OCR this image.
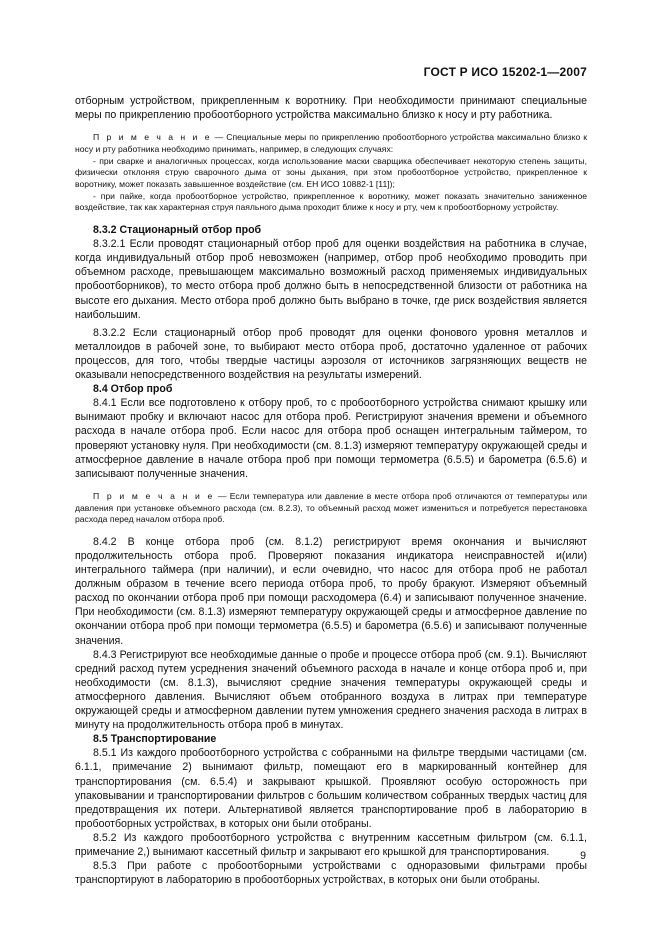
ГОСТ Р ИСО 15202-1—2007

отборным устройством, прикрепленным к воротнику. При необходимости принимают специальные меры по прикреплению пробоотборного устройства максимально близко к носу и рту работника.

П р и м е ч а н и е — Специальные меры по прикреплению пробоотборного устройства максимально близко к носу и рту работника необходимо принимать, например, в следующих случаях:

- при сварке и аналогичных процессах, когда использование маски сварщика обеспечивает некоторую степень защиты, физически отклоняя струю сварочного дыма от зоны дыхания, при этом пробоотборное устройство, прикрепленное к воротнику, может показать завышенное воздействие (см. ЕН ИСО 10882-1 [11]);

- при пайке, когда пробоотборное устройство, прикрепленное к воротнику, может показать значительно заниженное воздействие, так как характерная струя паяльного дыма проходит ближе к носу и рту, чем к пробоотборному устройству.

8.3.2 Стационарный отбор проб

8.3.2.1 Если проводят стационарный отбор проб для оценки воздействия на работника в случае, когда индивидуальный отбор проб невозможен (например, отбор проб необходимо проводить при объемном расходе, превышающем максимально возможный расход применяемых индивидуальных пробоотборников), то место отбора проб должно быть в непосредственной близости от работника на высоте его дыхания. Место отбора проб должно быть выбрано в точке, где риск воздействия является наибольшим.

8.3.2.2 Если стационарный отбор проб проводят для оценки фонового уровня металлов и металлоидов в рабочей зоне, то выбирают место отбора проб, достаточно удаленное от рабочих процессов, для того, чтобы твердые частицы аэрозоля от источников загрязняющих веществ не оказывали непосредственного воздействия на результаты измерений.

8.4 Отбор проб

8.4.1 Если все подготовлено к отбору проб, то с пробоотборного устройства снимают крышку или вынимают пробку и включают насос для отбора проб. Регистрируют значения времени и объемного расхода в начале отбора проб. Если насос для отбора проб оснащен интегральным таймером, то проверяют установку нуля. При необходимости (см. 8.1.3) измеряют температуру окружающей среды и атмосферное давление в начале отбора проб при помощи термометра (6.5.5) и барометра (6.5.6) и записывают полученные значения.

П р и м е ч а н и е — Если температура или давление в месте отбора проб отличаются от температуры или давления при установке объемного расхода (см. 8.2.3), то объемный расход может измениться и потребуется перестановка расхода перед началом отбора проб.

8.4.2 В конце отбора проб (см. 8.1.2) регистрируют время окончания и вычисляют продолжительность отбора проб. Проверяют показания индикатора неисправностей и(или) интегрального таймера (при наличии), и если очевидно, что насос для отбора проб не работал должным образом в течение всего периода отбора проб, то пробу бракуют. Измеряют объемный расход по окончании отбора проб при помощи расходомера (6.4) и записывают полученное значение. При необходимости (см. 8.1.3) измеряют температуру окружающей среды и атмосферное давление по окончании отбора проб при помощи термометра (6.5.5) и барометра (6.5.6) и записывают полученные значения.

8.4.3 Регистрируют все необходимые данные о пробе и процессе отбора проб (см. 9.1). Вычисляют средний расход путем усреднения значений объемного расхода в начале и конце отбора проб и, при необходимости (см. 8.1.3), вычисляют средние значения температуры окружающей среды и атмосферного давления. Вычисляют объем отобранного воздуха в литрах при температуре окружающей среды и атмосферном давлении путем умножения среднего значения расхода в литрах в минуту на продолжительность отбора проб в минутах.

8.5 Транспортирование

8.5.1 Из каждого пробоотборного устройства с собранными на фильтре твердыми частицами (см. 6.1.1, примечание 2) вынимают фильтр, помещают его в маркированный контейнер для транспортирования (см. 6.5.4) и закрывают крышкой. Проявляют особую осторожность при упаковывании и транспортировании фильтров с большим количеством собранных твердых частиц для предотвращения их потери. Альтернативой является транспортирование проб в лабораторию в пробоотборных устройствах, в которых они были отобраны.

8.5.2 Из каждого пробоотборного устройства с внутренним кассетным фильтром (см. 6.1.1, примечание 2,) вынимают кассетный фильтр и закрывают его крышкой для транспортирования.

8.5.3 При работе с пробоотборными устройствами с одноразовыми фильтрами пробы транспортируют в лабораторию в пробоотборных устройствах, в которых они были отобраны.

9
